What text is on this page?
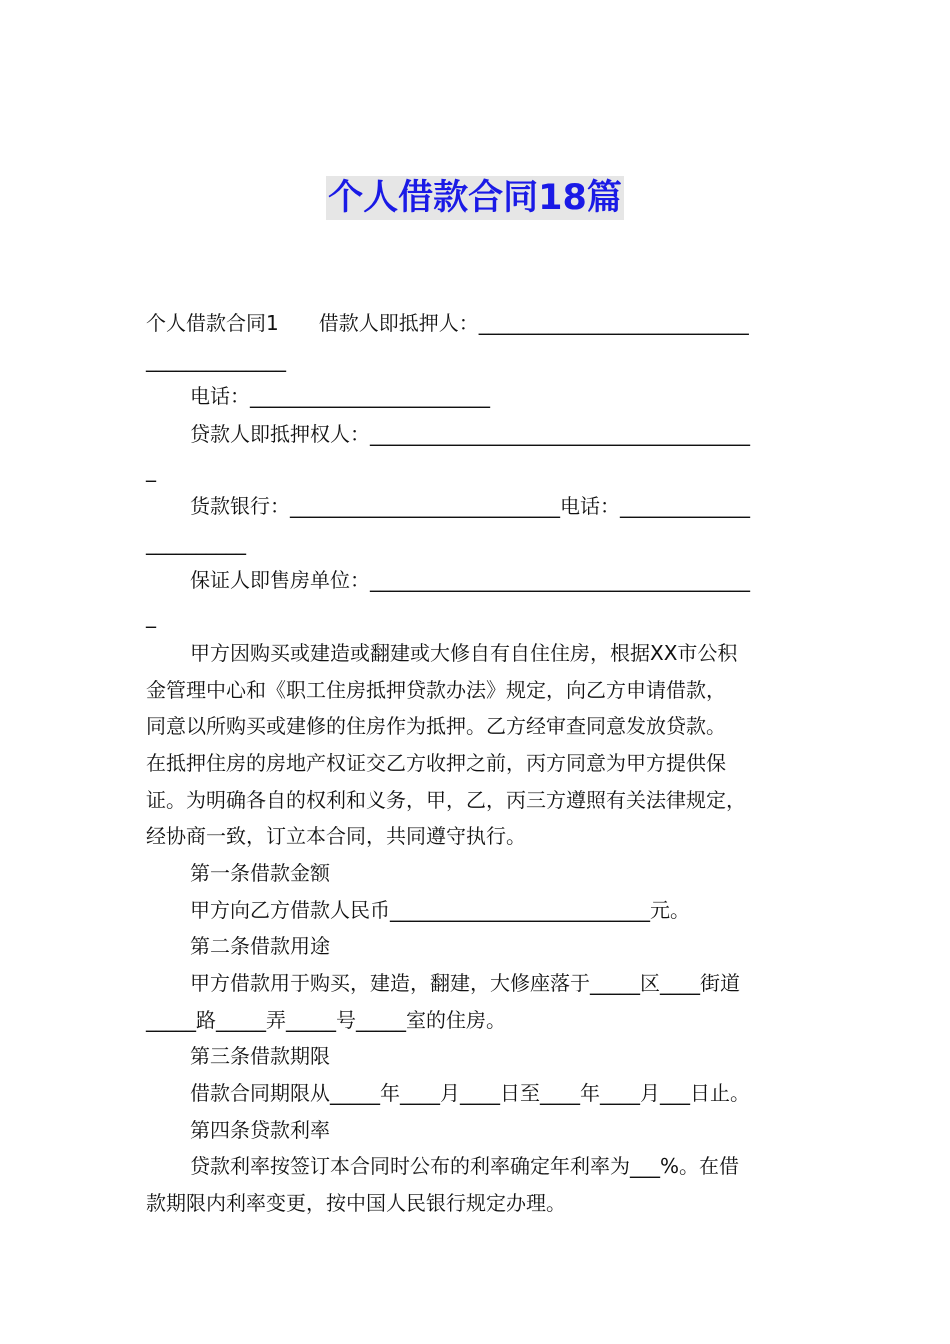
个人借款合同18篇
个人借款合同1　　借款人即抵押人：___________________________
______________
电话：________________________
贷款人即抵押权人：______________________________________
_
货款银行：___________________________电话：_____________
__________
保证人即售房单位：______________________________________
_
甲方因购买或建造或翻建或大修自有自住住房，根据XX市公积
金管理中心和《职工住房抵押贷款办法》规定，向乙方申请借款，
同意以所购买或建修的住房作为抵押。乙方经审查同意发放贷款。
在抵押住房的房地产权证交乙方收押之前，丙方同意为甲方提供保
证。为明确各自的权利和义务，甲，乙，丙三方遵照有关法律规定，
经协商一致，订立本合同，共同遵守执行。
第一条借款金额
甲方向乙方借款人民币__________________________元。
第二条借款用途
甲方借款用于购买，建造，翻建，大修座落于_____区____街道
_____路_____弄_____号_____室的住房。
第三条借款期限
借款合同期限从_____年____月____日至____年____月___日止。
第四条贷款利率
贷款利率按签订本合同时公布的利率确定年利率为___%。在借
款期限内利率变更，按中国人民银行规定办理。
